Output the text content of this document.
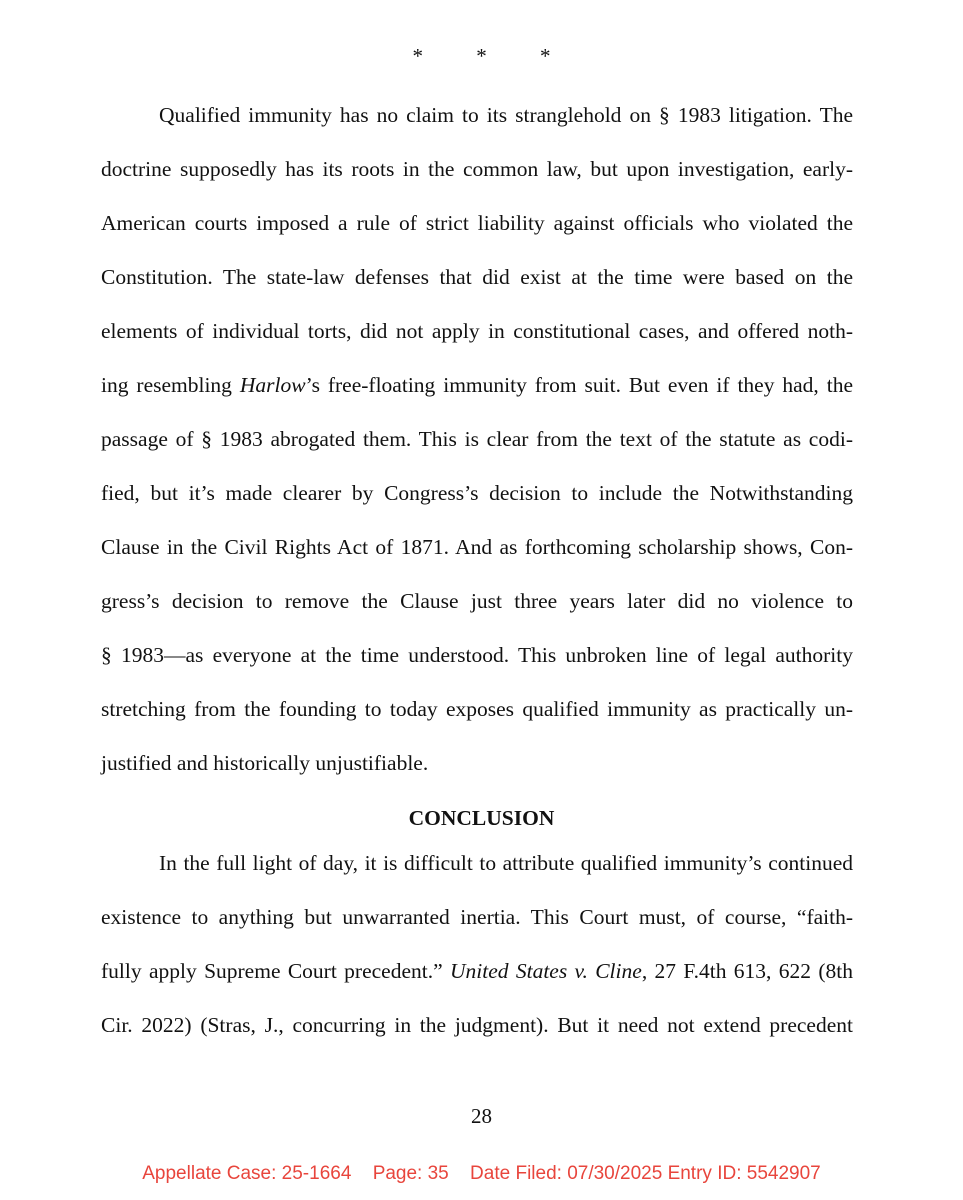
*	*	*
Qualified immunity has no claim to its stranglehold on § 1983 litigation. The
doctrine supposedly has its roots in the common law, but upon investigation, early-
American courts imposed a rule of strict liability against officials who violated the
Constitution. The state-law defenses that did exist at the time were based on the
elements of individual torts, did not apply in constitutional cases, and offered noth-
ing resembling Harlow’s free-floating immunity from suit. But even if they had, the
passage of § 1983 abrogated them. This is clear from the text of the statute as codi-
fied, but it’s made clearer by Congress’s decision to include the Notwithstanding
Clause in the Civil Rights Act of 1871. And as forthcoming scholarship shows, Con-
gress’s decision to remove the Clause just three years later did no violence to
§ 1983—as everyone at the time understood. This unbroken line of legal authority
stretching from the founding to today exposes qualified immunity as practically un-
justified and historically unjustifiable.
CONCLUSION
In the full light of day, it is difficult to attribute qualified immunity’s continued
existence to anything but unwarranted inertia. This Court must, of course, “faith-
fully apply Supreme Court precedent.” United States v. Cline, 27 F.4th 613, 622 (8th
Cir. 2022) (Stras, J., concurring in the judgment). But it need not extend precedent
28
Appellate Case: 25-1664 Page: 35 Date Filed: 07/30/2025 Entry ID: 5542907
